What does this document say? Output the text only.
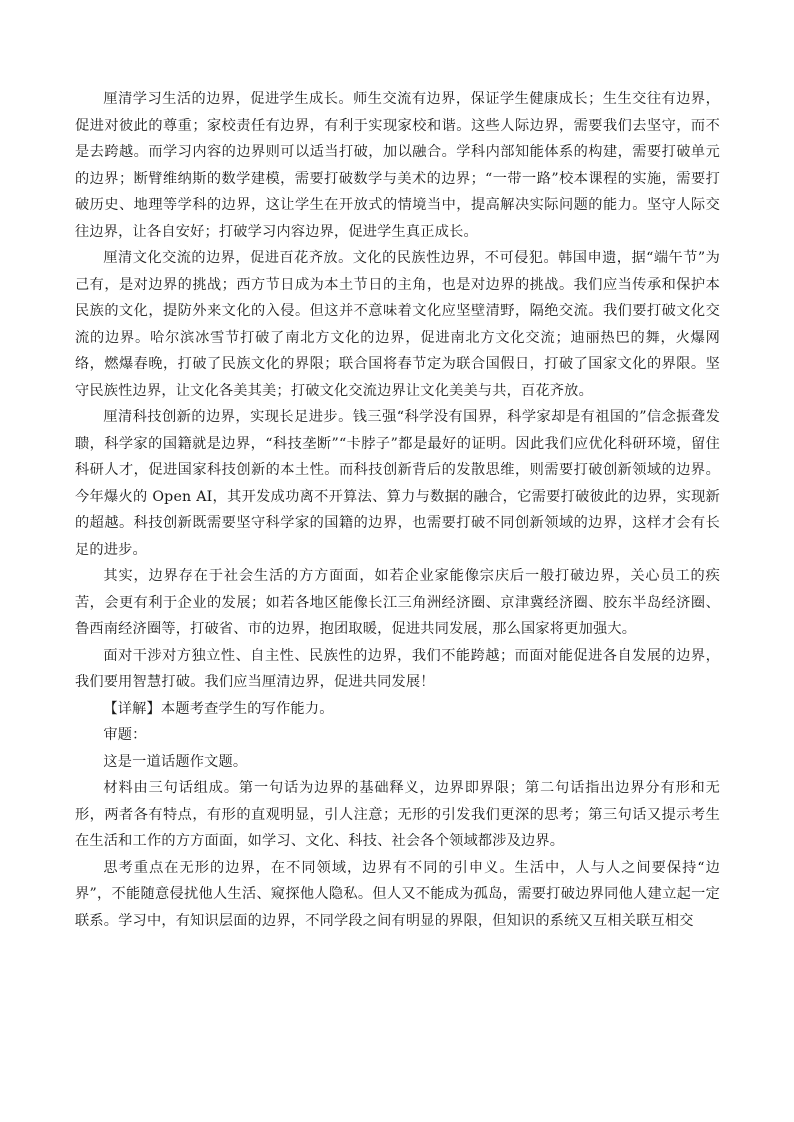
厘清学习生活的边界，促进学生成长。师生交流有边界，保证学生健康成长；生生交往有边界，促进对彼此的尊重；家校责任有边界，有利于实现家校和谐。这些人际边界，需要我们去坚守，而不是去跨越。而学习内容的边界则可以适当打破，加以融合。学科内部知能体系的构建，需要打破单元的边界；断臂维纳斯的数学建模，需要打破数学与美术的边界；“一带一路”校本课程的实施，需要打破历史、地理等学科的边界，这让学生在开放式的情境当中，提高解决实际问题的能力。坚守人际交往边界，让各自安好；打破学习内容边界，促进学生真正成长。

厘清文化交流的边界，促进百花齐放。文化的民族性边界，不可侵犯。韩国申遗，据“端午节”为己有，是对边界的挑战；西方节日成为本土节日的主角，也是对边界的挑战。我们应当传承和保护本民族的文化，提防外来文化的入侵。但这并不意味着文化应坚壁清野，隔绝交流。我们要打破文化交流的边界。哈尔滨冰雪节打破了南北方文化的边界，促进南北方文化交流；迪丽热巴的舞，火爆网络，燃爆春晚，打破了民族文化的界限；联合国将春节定为联合国假日，打破了国家文化的界限。坚守民族性边界，让文化各美其美；打破文化交流边界让文化美美与共，百花齐放。

厘清科技创新的边界，实现长足进步。钱三强“科学没有国界，科学家却是有祖国的”信念振聋发聩，科学家的国籍就是边界，“科技垄断”“卡脖子”都是最好的证明。因此我们应优化科研环境，留住科研人才，促进国家科技创新的本土性。而科技创新背后的发散思维，则需要打破创新领域的边界。今年爆火的 Open AI，其开发成功离不开算法、算力与数据的融合，它需要打破彼此的边界，实现新的超越。科技创新既需要坚守科学家的国籍的边界，也需要打破不同创新领域的边界，这样才会有长足的进步。

其实，边界存在于社会生活的方方面面，如若企业家能像宗庆后一般打破边界，关心员工的疾苦，会更有利于企业的发展；如若各地区能像长江三角洲经济圈、京津冀经济圈、胶东半岛经济圈、鲁西南经济圈等，打破省、市的边界，抱团取暖，促进共同发展，那么国家将更加强大。

面对干涉对方独立性、自主性、民族性的边界，我们不能跨越；而面对能促进各自发展的边界，我们要用智慧打破。我们应当厘清边界，促进共同发展！

【详解】本题考查学生的写作能力。

审题：

这是一道话题作文题。

材料由三句话组成。第一句话为边界的基础释义，边界即界限；第二句话指出边界分有形和无形，两者各有特点，有形的直观明显，引人注意；无形的引发我们更深的思考；第三句话又提示考生在生活和工作的方方面面，如学习、文化、科技、社会各个领域都涉及边界。

思考重点在无形的边界，在不同领域，边界有不同的引申义。生活中，人与人之间要保持“边界”，不能随意侵扰他人生活、窥探他人隐私。但人又不能成为孤岛，需要打破边界同他人建立起一定联系。学习中，有知识层面的边界，不同学段之间有明显的界限，但知识的系统又互相关联互相交
